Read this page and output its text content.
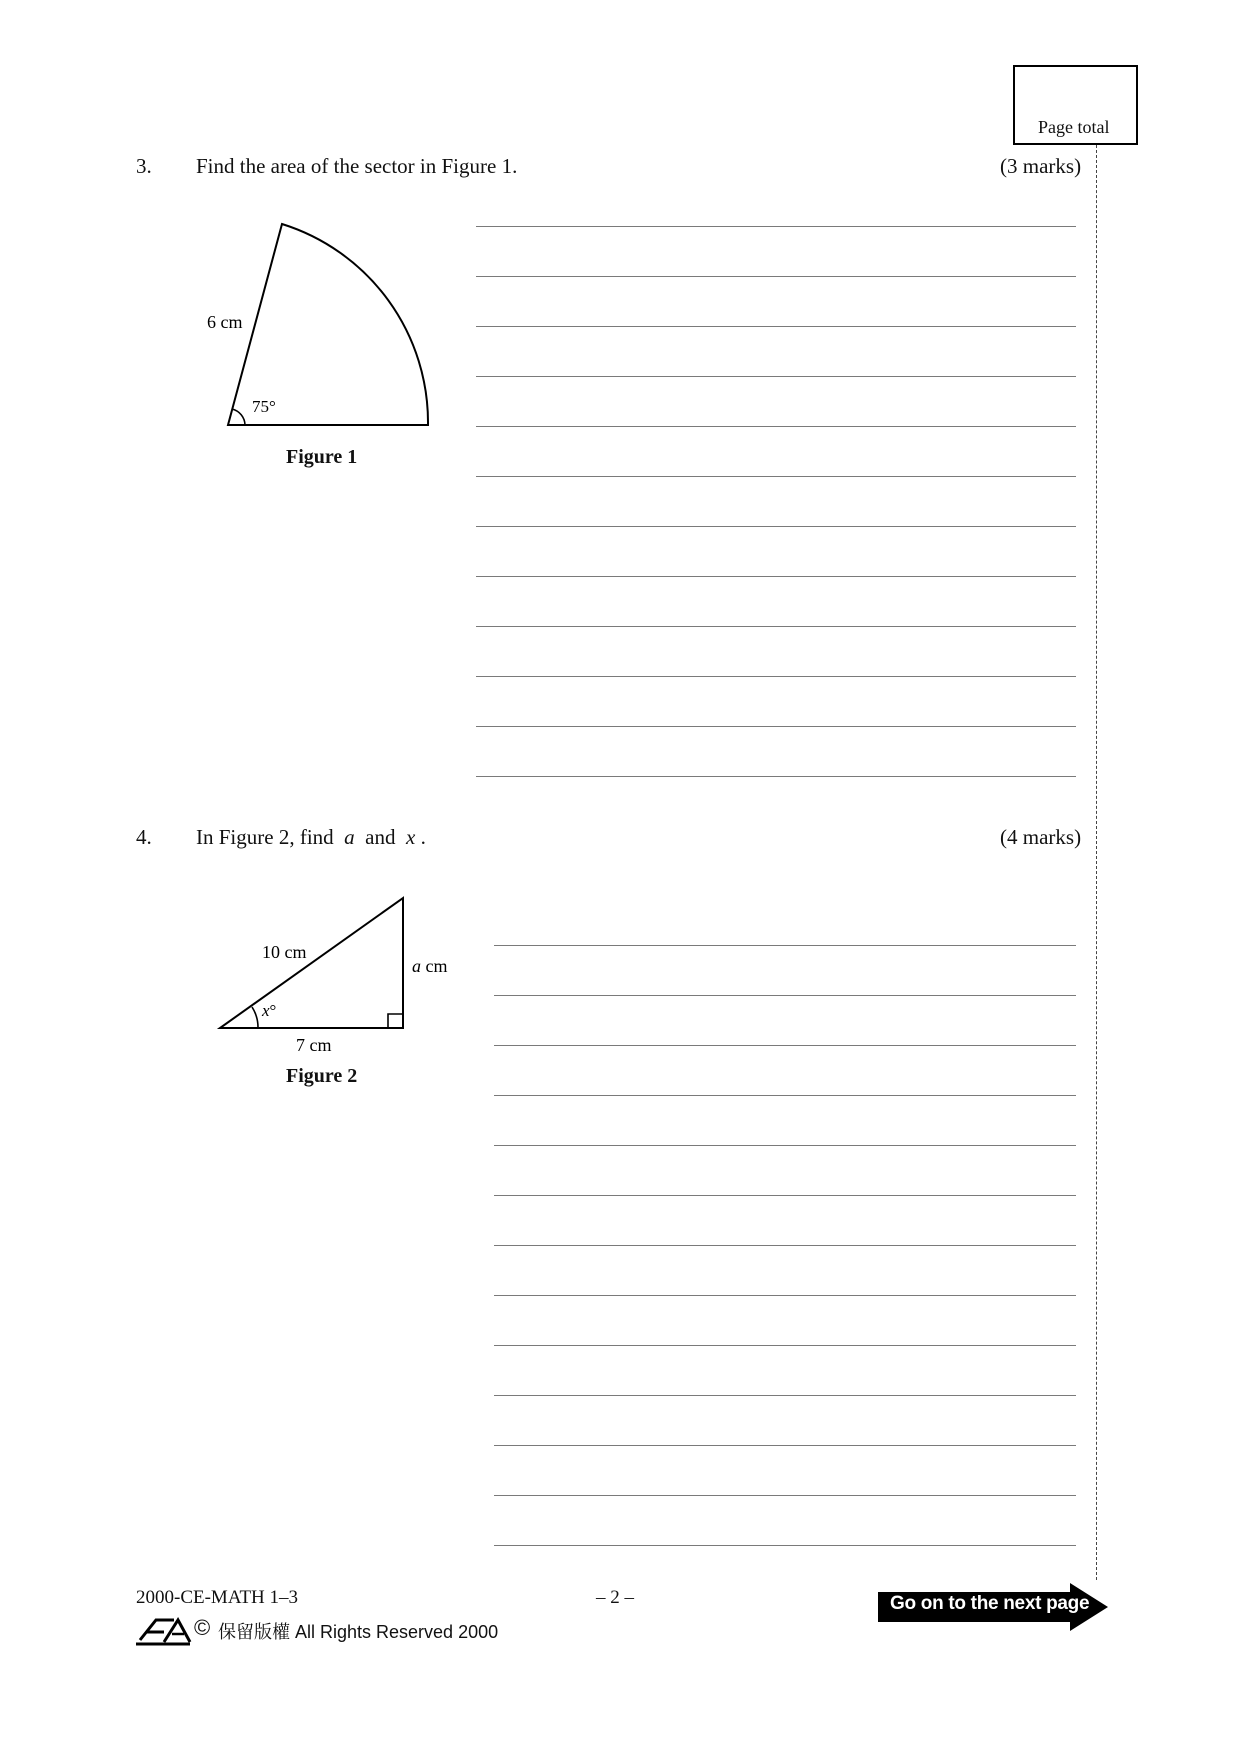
Page total
3. Find the area of the sector in Figure 1.	(3 marks)
6 cm
75°
Figure 1
4. In Figure 2, find a and x .	(4 marks)
10 cm
a cm
x°
7 cm
Figure 2
2000-CE-MATH 1–3	– 2 –
© 保留版權 All Rights Reserved 2000
Go on to the next page
